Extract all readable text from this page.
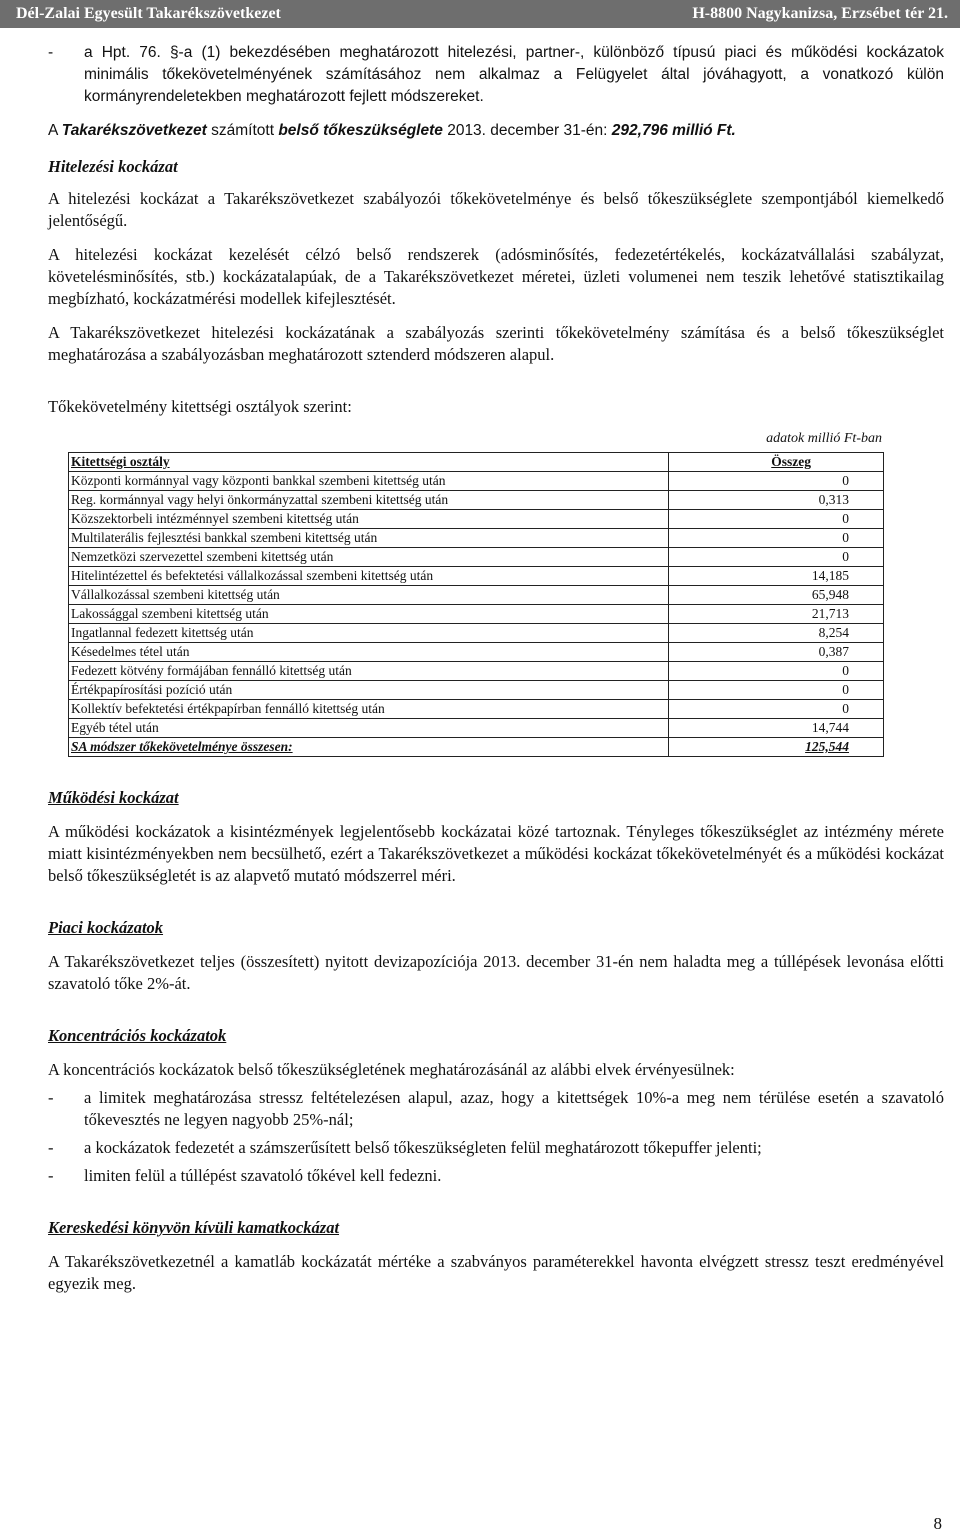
Dél-Zalai Egyesült Takarékszövetkezet	H-8800 Nagykanizsa, Erzsébet tér 21.
-	a Hpt. 76. §-a (1) bekezdésében meghatározott hitelezési, partner-, különböző típusú piaci és működési kockázatok minimális tőkekövetelményének számításához nem alkalmaz a Felügyelet által jóváhagyott, a vonatkozó külön kormányrendeletekben meghatározott fejlett módszereket.

A Takarékszövetkezet számított belső tőkeszükséglete 2013. december 31-én: 292,796 millió Ft.

Hitelezési kockázat

A hitelezési kockázat a Takarékszövetkezet szabályozói tőkekövetelménye és belső tőkeszükséglete szempontjából kiemelkedő jelentőségű.

A hitelezési kockázat kezelését célzó belső rendszerek (adósminősítés, fedezetértékelés, kockázatvállalási szabályzat, követelésminősítés, stb.) kockázatalapúak, de a Takarékszövetkezet méretei, üzleti volumenei nem teszik lehetővé statisztikailag megbízható, kockázatmérési modellek kifejlesztését.

A Takarékszövetkezet hitelezési kockázatának a szabályozás szerinti tőkekövetelmény számítása és a belső tőkeszükséglet meghatározása a szabályozásban meghatározott sztenderd módszeren alapul.

Tőkekövetelmény kitettségi osztályok szerint:
adatok millió Ft-ban
Kitettségi osztály	Összeg
Központi kormánnyal vagy központi bankkal szembeni kitettség után	0
Reg. kormánnyal vagy helyi önkormányzattal szembeni kitettség után	0,313
Közszektorbeli intézménnyel szembeni kitettség után	0
Multilaterális fejlesztési bankkal szembeni kitettség után	0
Nemzetközi szervezettel szembeni kitettség után	0
Hitelintézettel és befektetési vállalkozással szembeni kitettség után	14,185
Vállalkozással szembeni kitettség után	65,948
Lakossággal szembeni kitettség után	21,713
Ingatlannal fedezett kitettség után	8,254
Késedelmes tétel után	0,387
Fedezett kötvény formájában fennálló kitettség után	0
Értékpapírosítási pozíció után	0
Kollektív befektetési értékpapírban fennálló kitettség után	0
Egyéb tétel után	14,744
SA módszer tőkekövetelménye összesen:	125,544
Működési kockázat

A működési kockázatok a kisintézmények legjelentősebb kockázatai közé tartoznak. Tényleges tőkeszükséglet az intézmény mérete miatt kisintézményekben nem becsülhető, ezért a Takarékszövetkezet a működési kockázat tőkekövetelményét és a működési kockázat belső tőkeszükségletét is az alapvető mutató módszerrel méri.

Piaci kockázatok

A Takarékszövetkezet teljes (összesített) nyitott devizapozíciója 2013. december 31-én nem haladta meg a túllépések levonása előtti szavatoló tőke 2%-át.

Koncentrációs kockázatok

A koncentrációs kockázatok belső tőkeszükségletének meghatározásánál az alábbi elvek érvényesülnek:

-	a limitek meghatározása stressz feltételezésen alapul, azaz, hogy a kitettségek 10%-a meg nem térülése esetén a szavatoló tőkevesztés ne legyen nagyobb 25%-nál;
-	a kockázatok fedezetét a számszerűsített belső tőkeszükségleten felül meghatározott tőkepuffer jelenti;
-	limiten felül a túllépést szavatoló tőkével kell fedezni.
Kereskedési könyvön kívüli kamatkockázat

A Takarékszövetkezetnél a kamatláb kockázatát mértéke a szabványos paraméterekkel havonta elvégzett stressz teszt eredményével egyezik meg.

8
